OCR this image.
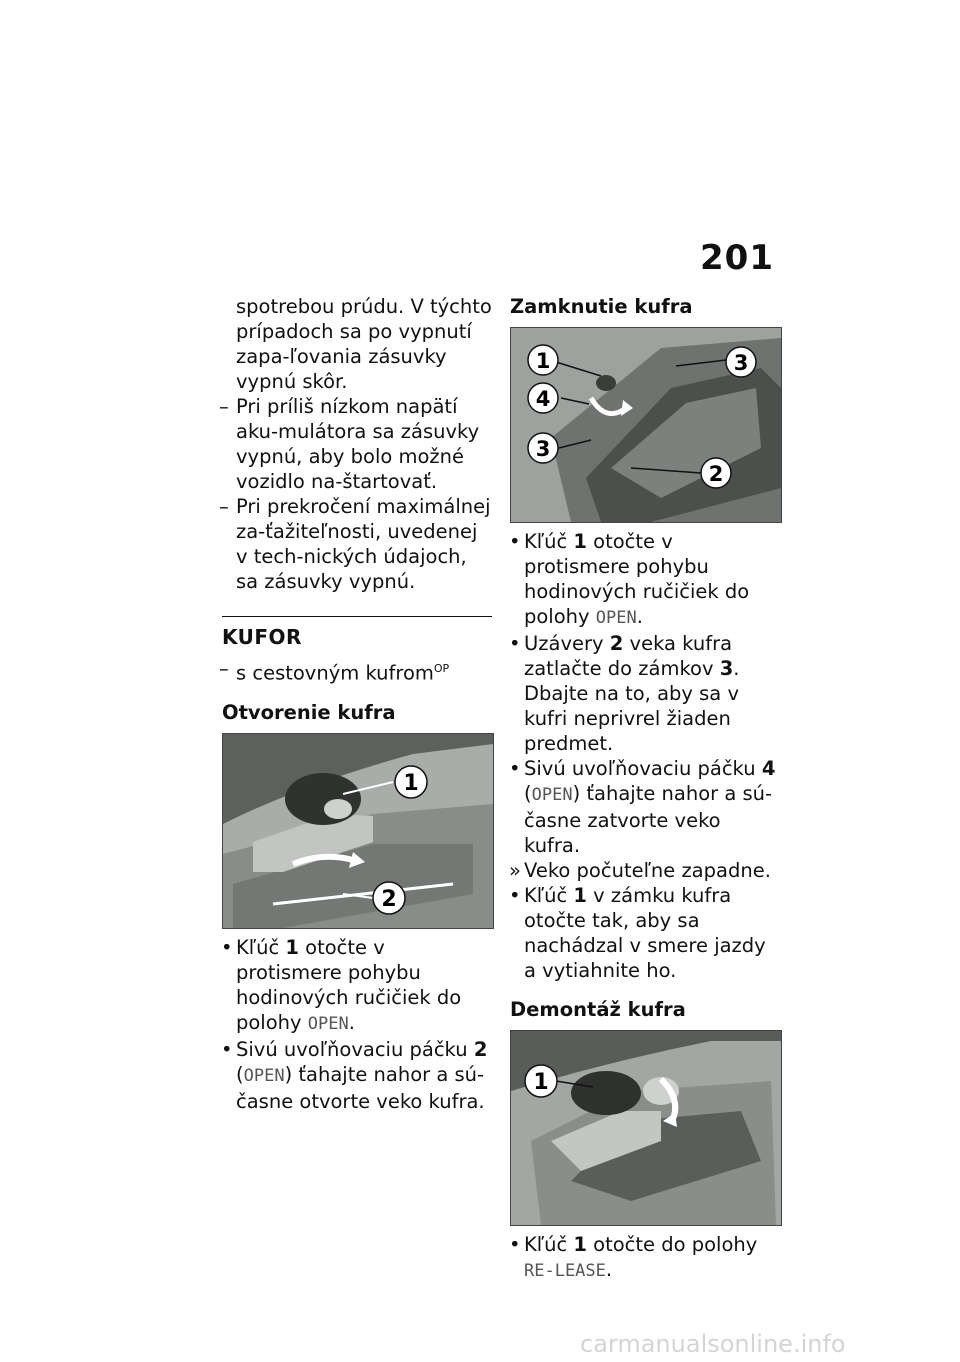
201

spotrebou prúdu. V týchto prípadoch sa po vypnutí zapa-ľovania zásuvky vypnú skôr.

– Pri príliš nízkom napätí aku-mulátora sa zásuvky vypnú, aby bolo možné vozidlo na-štartovať.

– Pri prekročení maximálnej za-ťažiteľnosti, uvedenej v tech-nických údajoch, sa zásuvky vypnú.

KUFOR

– s cestovným kufrom$^{OP}$

Otvorenie kufra

1
2

• Kľúč 1 otočte v protismere pohybu hodinových ručičiek do polohy OPEN.

• Sivú uvoľňovaciu páčku 2
(OPEN) ťahajte nahor a sú-časne otvorte veko kufra.

Zamknutie kufra

1
4
3
3
2

• Kľúč 1 otočte v protismere pohybu hodinových ručičiek do polohy OPEN.

• Uzávery 2 veka kufra zatlačte do zámkov 3. Dbajte na to, aby sa v kufri neprivrel žiaden predmet.

• Sivú uvoľňovaciu páčku 4
(OPEN) ťahajte nahor a sú-časne zatvorte veko kufra.

» Veko počuteľne zapadne.

• Kľúč 1 v zámku kufra otočte tak, aby sa nachádzal v smere jazdy a vytiahnite ho.

Demontáž kufra

1

• Kľúč 1 otočte do polohy RE-LEASE.

carmanualsonline.info
